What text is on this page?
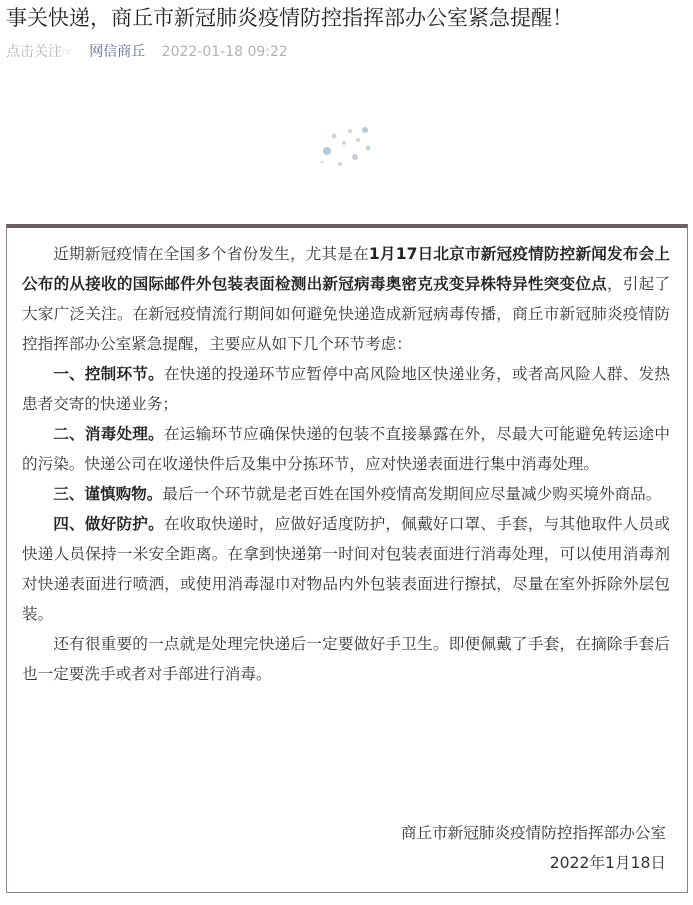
事关快递，商丘市新冠肺炎疫情防控指挥部办公室紧急提醒！
点击关注☞ 网信商丘 2022-01-18 09:22

近期新冠疫情在全国多个省份发生，尤其是在1月17日北京市新冠疫情防控新闻发布会上公布的从接收的国际邮件外包装表面检测出新冠病毒奥密克戎变异株特异性突变位点，引起了大家广泛关注。在新冠疫情流行期间如何避免快递造成新冠病毒传播，商丘市新冠肺炎疫情防控指挥部办公室紧急提醒，主要应从如下几个环节考虑：

一、控制环节。在快递的投递环节应暂停中高风险地区快递业务，或者高风险人群、发热患者交寄的快递业务；

二、消毒处理。在运输环节应确保快递的包装不直接暴露在外，尽最大可能避免转运途中的污染。快递公司在收递快件后及集中分拣环节，应对快递表面进行集中消毒处理。

三、谨慎购物。最后一个环节就是老百姓在国外疫情高发期间应尽量减少购买境外商品。

四、做好防护。在收取快递时，应做好适度防护，佩戴好口罩、手套，与其他取件人员或快递人员保持一米安全距离。在拿到快递第一时间对包装表面进行消毒处理，可以使用消毒剂对快递表面进行喷洒，或使用消毒湿巾对物品内外包装表面进行擦拭，尽量在室外拆除外层包装。

还有很重要的一点就是处理完快递后一定要做好手卫生。即便佩戴了手套，在摘除手套后也一定要洗手或者对手部进行消毒。

商丘市新冠肺炎疫情防控指挥部办公室
2022年1月18日
